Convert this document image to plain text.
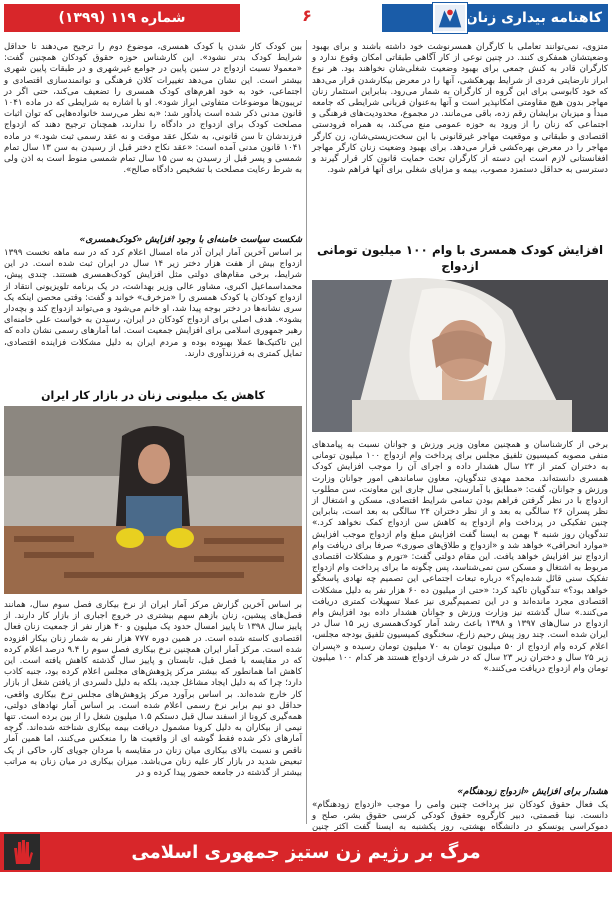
شماره ۱۱۹ (۱۳۹۹)	۶	کاهنامه بیداری زنان

متزوی، نمی‌توانند تعاملی با کارگران همسرنوشت خود داشته باشند و برای بهبود وضعیتشان همفکری کنند. در چنین نوعی از کار آگاهی طبقاتی امکان وقوع ندارد و کارگران قادر به کنش جمعی برای بهبود وضعیت شغلی‌شان نخواهند بود. هر نوع ابراز نارضایتی فردی از شرایط بهرهکشی، آنها را در معرض بیکارشدن قرار می‌دهد که خود کابوسی برای این گروه از کارگران به شمار می‌رود. بنابراین استثمار زنان مهاجر بدون هیچ مقاومتی امکانپذیر است و آنها به‌عنوان قربانی شرایطی که جامعه مبدأ و میزبان برایشان رقم زده، باقی می‌مانند. در مجموع، محدودیت‌های فرهنگی و اجتماعی که زنان را از ورود به حوزه عمومی منع می‌کند، به همراه فرودستی اقتصادی و طبقاتی و موقعیت مهاجر غیرقانونی با این سخت‌زیستی‌شان، زن کارگر مهاجر را در معرض بهره‌کشی قرار می‌دهد. برای بهبود وضعیت زنان کارگر مهاجر افغانستانی لازم است این دسته از کارگران تحت حمایت قانون کار قرار گیرند و دسترسی به حداقل دستمزد مصوب، بیمه و مزایای شغلی برای آنها فراهم شود.

افزایش کودک همسری با وام ۱۰۰ میلیون تومانی ازدواج

برخی از کارشناسان و همچنین معاون وزیر ورزش و جوانان نسبت به پیامدهای منفی مصوبه کمیسیون تلفیق مجلس برای پرداخت وام ازدواج ۱۰۰ میلیون تومانی به دختران کمتر از ۲۳ سال هشدار داده و اجرای آن را موجب افزایش کودک همسری دانسته‌اند. محمد مهدی تندگویان، معاون ساماندهی امور جوانان وزارت ورزش و جوانان، گفت: «مطابق با آمارسنجی سال جاری این معاونت، سن مطلوب ازدواج با در نظر گرفتن فراهم بودن تمامی شرایط اقتصادی، مسکن و اشتغال از نظر پسران ۲۶ سالگی به بعد و از نظر دختران ۲۴ سالگی به بعد است، بنابراین چنین تفکیکی در پرداخت وام ازدواج به کاهش سن ازدواج کمک نخواهد کرد.» تندگویان روز شنبه ۴ بهمن به ایسنا گفت افزایش مبلغ وام ازدواج موجب افزایش «موارد انحرافی» خواهد شد و «ازدواج و طلاق‌های صوری» صرفا برای دریافت وام ازدواج نیز افزایش خواهد یافت. این مقام دولتی گفت: «تورم و مشکلات اقتصادی مربوط به اشتغال و مسکن سن نمی‌شناسد، پس چگونه ما برای پرداخت وام ازدواج تفکیک سنی قائل شده‌ایم؟» درباره تبعات اجتماعی این تصمیم چه نهادی پاسخگو خواهد بود؟» تندگویان تاکید کرد: «حتی از میلیون ده ۶۰ هزار نفر به دلیل مشکلات اقتصادی مجرد مانده‌اند و در این تصمیم‌گیری نیز عملا تسهیلات کمتری دریافت می‌کنند.» سال گذشته نیز وزارت ورزش و جوانان هشدار داده بود افزایش وام ازدواج در سال‌های ۱۳۹۷ و ۱۳۹۸ باعث رشد آمار کودک‌همسری زیر ۱۵ سال در ایران شده است. چند روز پیش رحیم زارع، سخنگوی کمیسیون تلفیق بودجه مجلس، اعلام کرده وام ازدواج از ۵۰ میلیون تومان به ۷۰ میلیون تومان رسیده و «پسران زیر ۲۵ سال و دختران زیر ۲۳ سال که در شرف ازدواج هستند هر کدام ۱۰۰ میلیون تومان وام ازدواج دریافت می‌کنند.»

هشدار برای افزایش «ازدواج زودهنگام»

یک فعال حقوق کودکان نیز پرداخت چنین وامی را موجب «ازدواج زودهنگام» دانست. نینا قصمتی، دبیر کارگروه حقوق کودکی کرسی حقوق بشر، صلح و دموکراسی یونسکو در دانشگاه بهشتی، روز یکشنبه به ایسنا گفت اکثر چنین

بین کودک کار شدن یا کودک همسری، موضوع دوم را ترجیح می‌دهند تا حداقل شرایط کودک بدتر نشود». این کارشناس حوزه حقوق کودکان همچنین گفت: «معمولا نسبت ازدواج در سنین پایین در جوامع غیرشهری و در طبقات پایین شهری بیشتر است. این نشان می‌دهد تغییرات کلان فرهنگی و توانمندسازی اقتصادی و اجتماعی، خود به خود اهرم‌های کودک همسری را تضعیف می‌کند، حتی اگر در تریبون‌ها موضوعات متفاوتی ابراز شود». او با اشاره به شرایطی که در ماده ۱۰۴۱ قانون مدنی ذکر شده است یادآور شد: «به نظر می‌رسد خانواده‌هایی که توان اثبات مصلحت کودک برای ازدواج در دادگاه را ندارند، همچنان ترجیح دهند که ازدواج فرزندشان تا سن قانونی، به شکل عقد موقت و نه عقد رسمی ثبت شود.» در ماده ۱۰۴۱ قانون مدنی آمده است: «عقد نکاح دختر قبل از رسیدن به سن ۱۳ سال تمام شمسی و پسر قبل از رسیدن به سن ۱۵ سال تمام شمسی منوط است به اذن ولی به شرط رعایت مصلحت با تشخیص دادگاه صالح».

شکست سیاست خامنه‌ای با وجود افزایش «کودک‌همسری»

بر اساس آخرین آمار ایران آذر ماه امسال اعلام کرد که در سه ماهه نخست ۱۳۹۹ ازدواج بیش از هفت هزار دختر زیر ۱۴ سال در ایران ثبت شده است. در این شرایط، برخی مقام‌های دولتی مثل افزایش کودک‌همسری هستند. چندی پیش، محمداسماعیل اکبری، مشاور عالی وزیر بهداشت، در یک برنامه تلویزیونی انتقاد از ازدواج کودکان یا کودک همسری را «مزخرف» خواند و گفت: وقتی محصن اینکه یک سری نشانه‌ها در دختر بوجه پیدا شد، او خانم می‌شود و می‌تواند ازدواج کند و بچه‌دار بشود». هدف اصلی برای ازدواج کودکان در ایران، رسیدن به خواست علی خامنه‌ای رهبر جمهوری اسلامی برای افزایش جمعیت است. اما آمارهای رسمی نشان داده که این تاکتیک‌ها عملا بهبوده بوده و مردم ایران به دلیل مشکلات فزاینده اقتصادی، تمایل کمتری به فرزندآوری دارند.

کاهش یک میلیونی زنان در بازار کار ایران

بر اساس آخرین گزارش مرکز آمار ایران از نرخ بیکاری فصل سوم سال، همانند فصل‌های پیشین، زنان بازهم سهم بیشتری در خروج اجباری از بازار کار دارند. از پاییز سال ۱۳۹۸ تا پاییز امسال حدود یک میلیون و ۴۰ هزار نفر از جمعیت زنان فعال اقتصادی کاسته شده است. در همین دوره ۷۷۷ هزار نفر به شمار زنان بیکار افزوده شده است. مرکز آمار ایران همچنین نرخ بیکاری فصل سوم را ۹.۴ درصد اعلام کرده که در مقایسه با فصل قبل، تابستان و پاییز سال گذشته کاهش یافته است. این کاهش اما همانطور که بیشتر مرکز پژوهش‌های مجلس اعلام کرده بود، جنبه کاذب دارد؛ چرا که به دلیل ایجاد مشاغل جدید، بلکه به دلیل دلسردی از یافتن شغل از بازار کار خارج شده‌اند. بر اساس برآورد مرکز پژوهش‌های مجلس نرخ بیکاری واقعی، حداقل دو نیم برابر نرخ رسمی اعلام شده است. بر اساس آمار نهادهای دولتی، همه‌گیری کرونا از اسفند سال قبل دستکم ۱.۵ میلیون شغل را از بین برده است. تنها نیمی از بیکاران به دلیل کرونا مشمول دریافت بیمه بیکاری شناخته شده‌اند. گرچه آمارهای ذکر شده فقط گوشه ای از واقعیت ها را منعکس می‌کنند، اما همین آمار ناقص و نسبت بالای بیکاری میان زنان در مقایسه با مردان جویای کار، حاکی از یک تبعیض شدید در بازار کار علیه زنان می‌باشد. میزان بیکاری در میان زنان به مراتب بیشتر از گذشته در جامعه حضور پیدا کرده و در

مرگ بر رژیم زن ستیز جمهوری اسلامی
